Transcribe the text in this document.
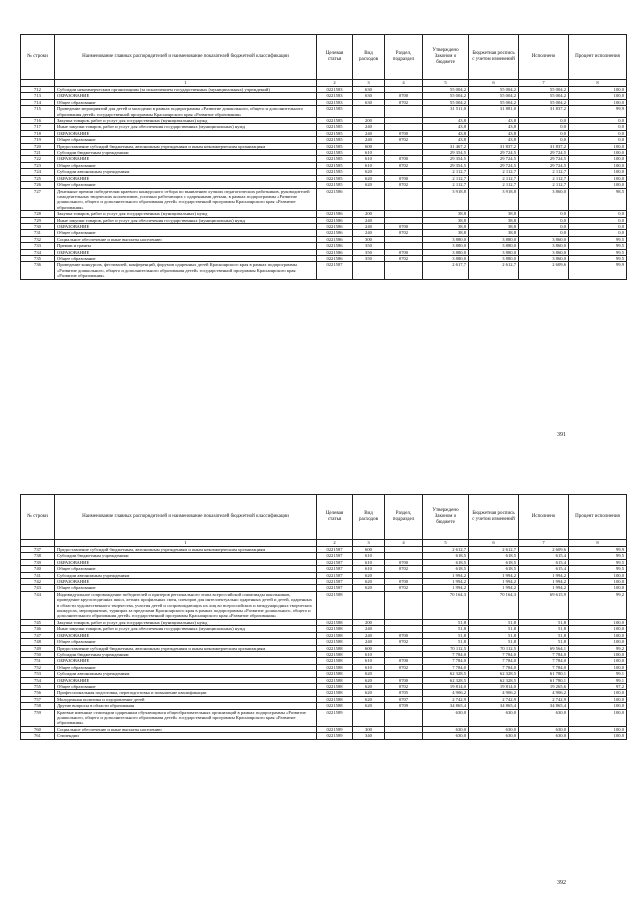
№ строки	Наименование главных распорядителей и наименование показателей бюджетной классификации	Целевая статья	Вид расходов	Раздел, подраздел	Утверждено Законом о бюджете	Бюджетная роспись с учетом изменений	Исполнено	Процент исполнения
	1	2	3	4	5	6	7	8
712	Субсидии некоммерческим организациям (за исключением государственных (муниципальных) учреждений)	0221583	630		55 004,2	55 004,2	55 004,2	100,0
713	ОБРАЗОВАНИЕ	0221583	630	0700	55 004,2	55 004,2	55 004,2	100,0
714	Общее образование	0221583	630	0702	55 004,2	55 004,2	55 004,2	100,0
715	Проведение мероприятий для детей и молодежи в рамках подпрограммы «Развитие дошкольного, общего и дополнительного образования детей» государственной программы Красноярского края «Развитие образования»	0221585			31 511,0	31 881,0	31 837,2	99,9
716	Закупка товаров, работ и услуг для государственных (муниципальных) нужд	0221585	200		43,8	43,8	0,0	0,0
717	Иные закупки товаров, работ и услуг для обеспечения государственных (муниципальных) нужд	0221585	240		43,8	43,8	0,0	0,0
718	ОБРАЗОВАНИЕ	0221585	240	0700	43,8	43,8	0,0	0,0
719	Общее образование	0221585	240	0702	43,8	43,8	0,0	0,0
720	Предоставление субсидий бюджетным, автономным учреждениям и иным некоммерческим организациям	0221585	600		31 467,2	31 837,2	31 837,2	100,0
721	Субсидии бюджетным учреждениям	0221585	610		29 354,5	29 724,5	29 724,5	100,0
722	ОБРАЗОВАНИЕ	0221585	610	0700	29 354,5	29 724,5	29 724,5	100,0
723	Общее образование	0221585	610	0702	29 354,5	29 724,5	29 724,5	100,0
724	Субсидии автономным учреждениям	0221585	620		2 112,7	2 112,7	2 112,7	100,0
725	ОБРАЗОВАНИЕ	0221585	620	0700	2 112,7	2 112,7	2 112,7	100,0
726	Общее образование	0221585	620	0702	2 112,7	2 112,7	2 112,7	100,0
727	Денежные премии победителям краевого конкурсного отбора по выявлению лучших педагогических работников, руководителей самодеятельных творческих коллективов, успешно работающих с одаренными детьми, в рамках подпрограммы «Развитие дошкольного, общего и дополнительного образования детей» государственной программы Красноярского края «Развитие образования»	0221586			3 918,8	3 918,8	3 860,0	98,5
728	Закупка товаров, работ и услуг для государственных (муниципальных) нужд	0221586	200		38,8	38,8	0,0	0,0
729	Иные закупки товаров, работ и услуг для обеспечения государственных (муниципальных) нужд	0221586	240		38,8	38,8	0,0	0,0
730	ОБРАЗОВАНИЕ	0221586	240	0700	38,8	38,8	0,0	0,0
731	Общее образование	0221586	240	0702	38,8	38,8	0,0	0,0
732	Социальное обеспечение и иные выплаты населению	0221586	300		3 880,0	3 880,0	3 860,0	99,5
733	Премии и гранты	0221586	350		3 880,0	3 880,0	3 860,0	99,5
734	ОБРАЗОВАНИЕ	0221586	350	0700	3 880,0	3 880,0	3 860,0	99,5
735	Общее образование	0221586	350	0702	3 880,0	3 880,0	3 860,0	99,5
736	Проведение конкурсов, фестивалей, конференций, форумов одаренных детей Красноярского края в рамках подпрограммы «Развитие дошкольного, общего и дополнительного образования детей» государственной программы Красноярского края «Развитие образования»	0221587			2 617,7	2 612,7	2 609,6	99,9
391
№ строки	Наименование главных распорядителей и наименование показателей бюджетной классификации	Целевая статья	Вид расходов	Раздел, подраздел	Утверждено Законом о бюджете	Бюджетная роспись с учетом изменений	Исполнено	Процент исполнения
	1	2	3	4	5	6	7	8
737	Предоставление субсидий бюджетным, автономным учреждениям и иным некоммерческим организациям	0221587	600		2 612,7	2 612,7	2 609,6	99,9
738	Субсидии бюджетным учреждениям	0221587	610		618,5	618,5	615,4	99,5
739	ОБРАЗОВАНИЕ	0221587	610	0700	618,5	618,5	615,4	99,5
740	Общее образование	0221587	610	0702	618,5	618,5	615,4	99,5
741	Субсидии автономным учреждениям	0221587	620		1 994,2	1 994,2	1 994,2	100,0
742	ОБРАЗОВАНИЕ	0221587	620	0700	1 994,2	1 994,2	1 994,2	100,0
743	Общее образование	0221587	620	0702	1 994,2	1 994,2	1 994,2	100,0
744	Индивидуальное сопровождение победителей и призеров регионального этапа всероссийской олимпиады школьников, проведение круглогодичных школ, летних профильных смен, пленэров для интеллектуально одаренных детей и детей, одаренных в области художественного творчества, участия детей и сопровождающих их лиц во всероссийских и международных творческих конкурсах, мероприятиях, турнирах за пределами Красноярского края в рамках подпрограммы «Развитие дошкольного, общего и дополнительного образования детей» государственной программы Красноярского края «Развитие образования»	0221588			70 164,3	70 164,3	69 615,9	99,2
745	Закупка товаров, работ и услуг для государственных (муниципальных) нужд	0221588	200		51,8	51,8	51,8	100,0
746	Иные закупки товаров, работ и услуг для обеспечения государственных (муниципальных) нужд	0221588	240		51,8	51,8	51,8	100,0
747	ОБРАЗОВАНИЕ	0221588	240	0700	51,8	51,8	51,8	100,0
748	Общее образование	0221588	240	0702	51,8	51,8	51,8	100,0
749	Предоставление субсидий бюджетным, автономным учреждениям и иным некоммерческим организациям	0221588	600		70 112,5	70 112,5	69 564,1	99,2
750	Субсидии бюджетным учреждениям	0221588	610		7 784,0	7 784,0	7 784,0	100,0
751	ОБРАЗОВАНИЕ	0221588	610	0700	7 784,0	7 784,0	7 784,0	100,0
752	Общее образование	0221588	610	0702	7 784,0	7 784,0	7 784,0	100,0
753	Субсидии автономным учреждениям	0221588	620		62 328,5	62 328,5	61 780,1	99,1
754	ОБРАЗОВАНИЕ	0221588	620	0700	62 328,5	62 328,5	61 780,1	99,1
755	Общее образование	0221588	620	0702	19 814,0	19 814,0	19 265,6	97,2
756	Профессиональная подготовка, переподготовка и повышение квалификации	0221588	620	0705	4 906,2	4 906,2	4 906,2	100,0
757	Молодежная политика и оздоровление детей	0221588	620	0707	2 742,9	2 742,9	2 742,9	100,0
758	Другие вопросы в области образования	0221588	620	0709	34 865,4	34 865,4	34 865,4	100,0
759	Краевые именные стипендии одаренным обучающимся общеобразовательных организаций в рамках подпрограммы «Развитие дошкольного, общего и дополнительного образования детей» государственной программы Красноярского края «Развитие образования»	0221589			630,0	630,0	630,0	100,0
760	Социальное обеспечение и иные выплаты населению	0221589	300		630,0	630,0	630,0	100,0
761	Стипендии	0221589	340		630,0	630,0	630,0	100,0
392
